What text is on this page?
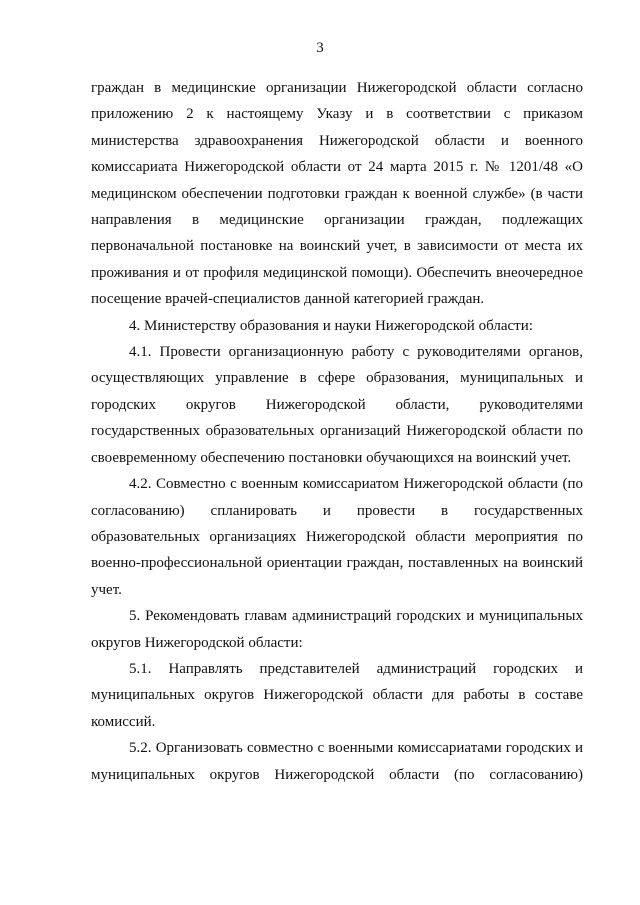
3

граждан в медицинские организации Нижегородской области согласно приложению 2 к настоящему Указу и в соответствии с приказом министерства здравоохранения Нижегородской области и военного комиссариата Нижегородской области от 24 марта 2015 г. № 1201/48 «О медицинском обеспечении подготовки граждан к военной службе» (в части направления в медицинские организации граждан, подлежащих первоначальной постановке на воинский учет, в зависимости от места их проживания и от профиля медицинской помощи). Обеспечить внеочередное посещение врачей-специалистов данной категорией граждан.

4. Министерству образования и науки Нижегородской области:

4.1. Провести организационную работу с руководителями органов, осуществляющих управление в сфере образования, муниципальных и городских округов Нижегородской области, руководителями государственных образовательных организаций Нижегородской области по своевременному обеспечению постановки обучающихся на воинский учет.

4.2. Совместно с военным комиссариатом Нижегородской области (по согласованию) спланировать и провести в государственных образовательных организациях Нижегородской области мероприятия по военно-профессиональной ориентации граждан, поставленных на воинский учет.

5. Рекомендовать главам администраций городских и муниципальных округов Нижегородской области:

5.1. Направлять представителей администраций городских и муниципальных округов Нижегородской области для работы в составе комиссий.

5.2. Организовать совместно с военными комиссариатами городских и муниципальных округов Нижегородской области (по согласованию)
